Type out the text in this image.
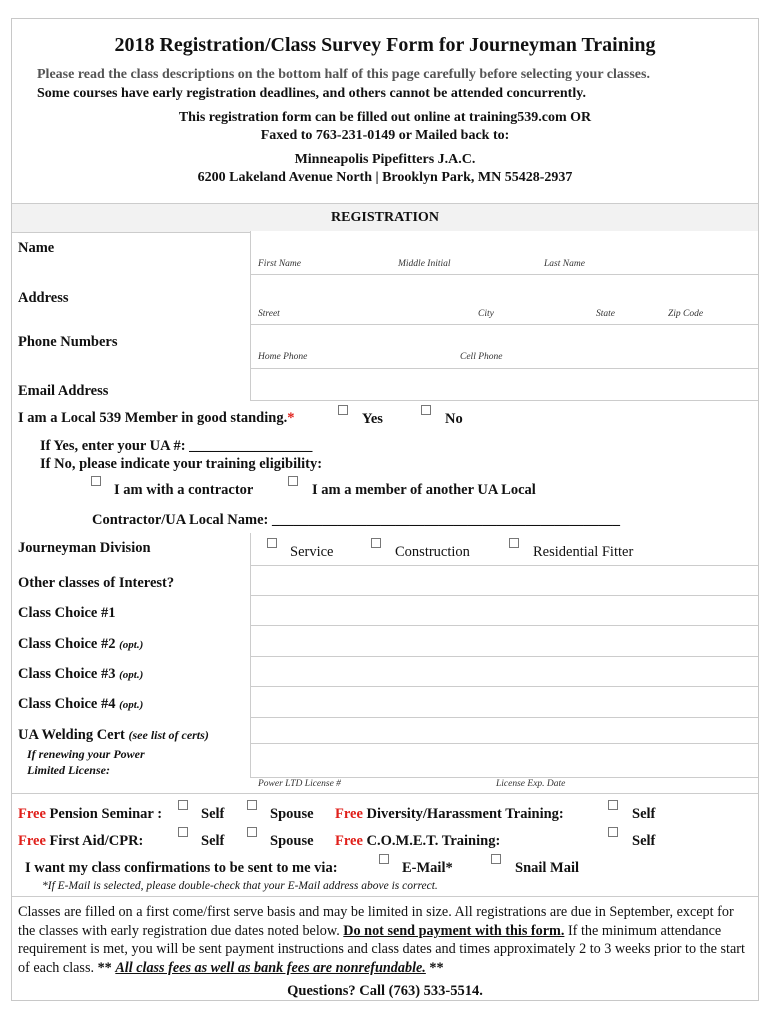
2018 Registration/Class Survey Form for Journeyman Training
Please read the class descriptions on the bottom half of this page carefully before selecting your classes.
Some courses have early registration deadlines, and others cannot be attended concurrently.
This registration form can be filled out online at training539.com OR
Faxed to 763-231-0149 or Mailed back to:
Minneapolis Pipefitters J.A.C.
6200 Lakeland Avenue North | Brooklyn Park, MN 55428-2937
REGISTRATION
Name
First Name	Middle Initial	Last Name
Address
Street	City	State	Zip Code
Phone Numbers
Home Phone	Cell Phone
Email Address
I am a Local 539 Member in good standing.*	Yes	No
If Yes, enter your UA #: _________________
If No, please indicate your training eligibility:
I am with a contractor	I am a member of another UA Local
Contractor/UA Local Name: ________________________________________________
Journeyman Division	Service	Construction	Residential Fitter
Other classes of Interest?
Class Choice #1
Class Choice #2 (opt.)
Class Choice #3 (opt.)
Class Choice #4 (opt.)
UA Welding Cert (see list of certs)
If renewing your Power
Limited License:
Power LTD License #	License Exp. Date
Free Pension Seminar :	Self	Spouse Free Diversity/Harassment Training:	Self
Free First Aid/CPR:	Self	Spouse Free C.O.M.E.T. Training:	Self
I want my class confirmations to be sent to me via:	E-Mail*	Snail Mail
*If E-Mail is selected, please double-check that your E-Mail address above is correct.
Classes are filled on a first come/first serve basis and may be limited in size. All registrations are due in September, except for the classes with early registration due dates noted below. Do not send payment with this form. If the minimum attendance requirement is met, you will be sent payment instructions and class dates and times approximately 2 to 3 weeks prior to the start of each class. ** All class fees as well as bank fees are nonrefundable. **
Questions? Call (763) 533-5514.
